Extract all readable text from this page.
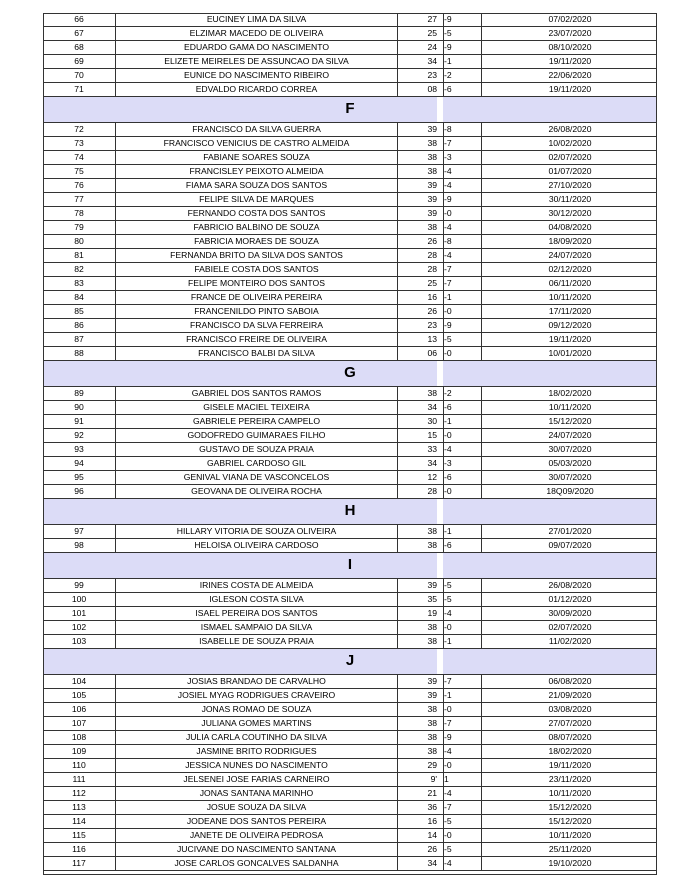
66	EUCINEY LIMA DA SILVA	27 -9	07/02/2020
67	ELZIMAR MACEDO DE OLIVEIRA	25 -5	23/07/2020
68	EDUARDO GAMA DO NASCIMENTO	24 -9	08/10/2020
69	ELIZETE MEIRELES DE ASSUNCAO DA SILVA	34 -1	19/11/2020
70	EUNICE DO NASCIMENTO RIBEIRO	23 -2	22/06/2020
71	EDVALDO RICARDO CORREA	08 -6	19/11/2020
F
72	FRANCISCO DA SILVA GUERRA	39 -8	26/08/2020
73	FRANCISCO VENICIUS DE CASTRO ALMEIDA	38 -7	10/02/2020
74	FABIANE SOARES SOUZA	38 -3	02/07/2020
75	FRANCISLEY PEIXOTO ALMEIDA	38 -4	01/07/2020
76	FIAMA SARA SOUZA DOS SANTOS	39 -4	27/10/2020
77	FELIPE SILVA DE MARQUES	39 -9	30/11/2020
78	FERNANDO COSTA DOS SANTOS	39 -0	30/12/2020
79	FABRICIO BALBINO DE SOUZA	38 -4	04/08/2020
80	FABRICIA MORAES DE SOUZA	26 -8	18/09/2020
81	FERNANDA BRITO DA SILVA DOS SANTOS	28 -4	24/07/2020
82	FABIELE COSTA DOS SANTOS	28 -7	02/12/2020
83	FELIPE MONTEIRO DOS SANTOS	25 -7	06/11/2020
84	FRANCE DE OLIVEIRA PEREIRA	16 -1	10/11/2020
85	FRANCENILDO PINTO SABOIA	26 -0	17/11/2020
86	FRANCISCO DA SLVA FERREIRA	23 -9	09/12/2020
87	FRANCISCO FREIRE DE OLIVEIRA	13 -5	19/11/2020
88	FRANCISCO BALBI DA SILVA	06 -0	10/01/2020
G
89	GABRIEL DOS SANTOS RAMOS	38 -2	18/02/2020
90	GISELE MACIEL TEIXEIRA	34 -6	10/11/2020
91	GABRIELE PEREIRA CAMPELO	30 -1	15/12/2020
92	GODOFREDO GUIMARAES FILHO	15 -0	24/07/2020
93	GUSTAVO DE SOUZA PRAIA	33 -4	30/07/2020
94	GABRIEL CARDOSO GIL	34 -3	05/03/2020
95	GENIVAL VIANA DE VASCONCELOS	12 -6	30/07/2020
96	GEOVANA DE OLIVEIRA ROCHA	28 -0	18Q09/2020
H
97	HILLARY VITORIA DE SOUZA OLIVEIRA	38 -1	27/01/2020
98	HELOISA OLIVEIRA CARDOSO	38 -6	09/07/2020
I
99	IRINES COSTA DE ALMEIDA	39 -5	26/08/2020
100	IGLESON COSTA SILVA	35 -5	01/12/2020
101	ISAEL PEREIRA DOS SANTOS	19 -4	30/09/2020
102	ISMAEL SAMPAIO DA SILVA	38 -0	02/07/2020
103	ISABELLE DE SOUZA PRAIA	38 -1	11/02/2020
J
104	JOSIAS BRANDAO DE CARVALHO	39 -7	06/08/2020
105	JOSIEL MYAG RODRIGUES CRAVEIRO	39 -1	21/09/2020
106	JONAS ROMAO DE SOUZA	38 -0	03/08/2020
107	JULIANA GOMES MARTINS	38 -7	27/07/2020
108	JULIA CARLA COUTINHO DA SILVA	38 -9	08/07/2020
109	JASMINE BRITO RODRIGUES	38 -4	18/02/2020
110	JESSICA NUNES DO NASCIMENTO	29 -0	19/11/2020
111	JELSENEI JOSE FARIAS CARNEIRO	9' 1	23/11/2020
112	JONAS SANTANA MARINHO	21 -4	10/11/2020
113	JOSUE SOUZA DA SILVA	36 -7	15/12/2020
114	JODEANE DOS SANTOS PEREIRA	16 -5	15/12/2020
115	JANETE DE OLIVEIRA PEDROSA	14 -0	10/11/2020
116	JUCIVANE DO NASCIMENTO SANTANA	26 -5	25/11/2020
117	JOSE CARLOS GONCALVES SALDANHA	34 -4	19/10/2020
